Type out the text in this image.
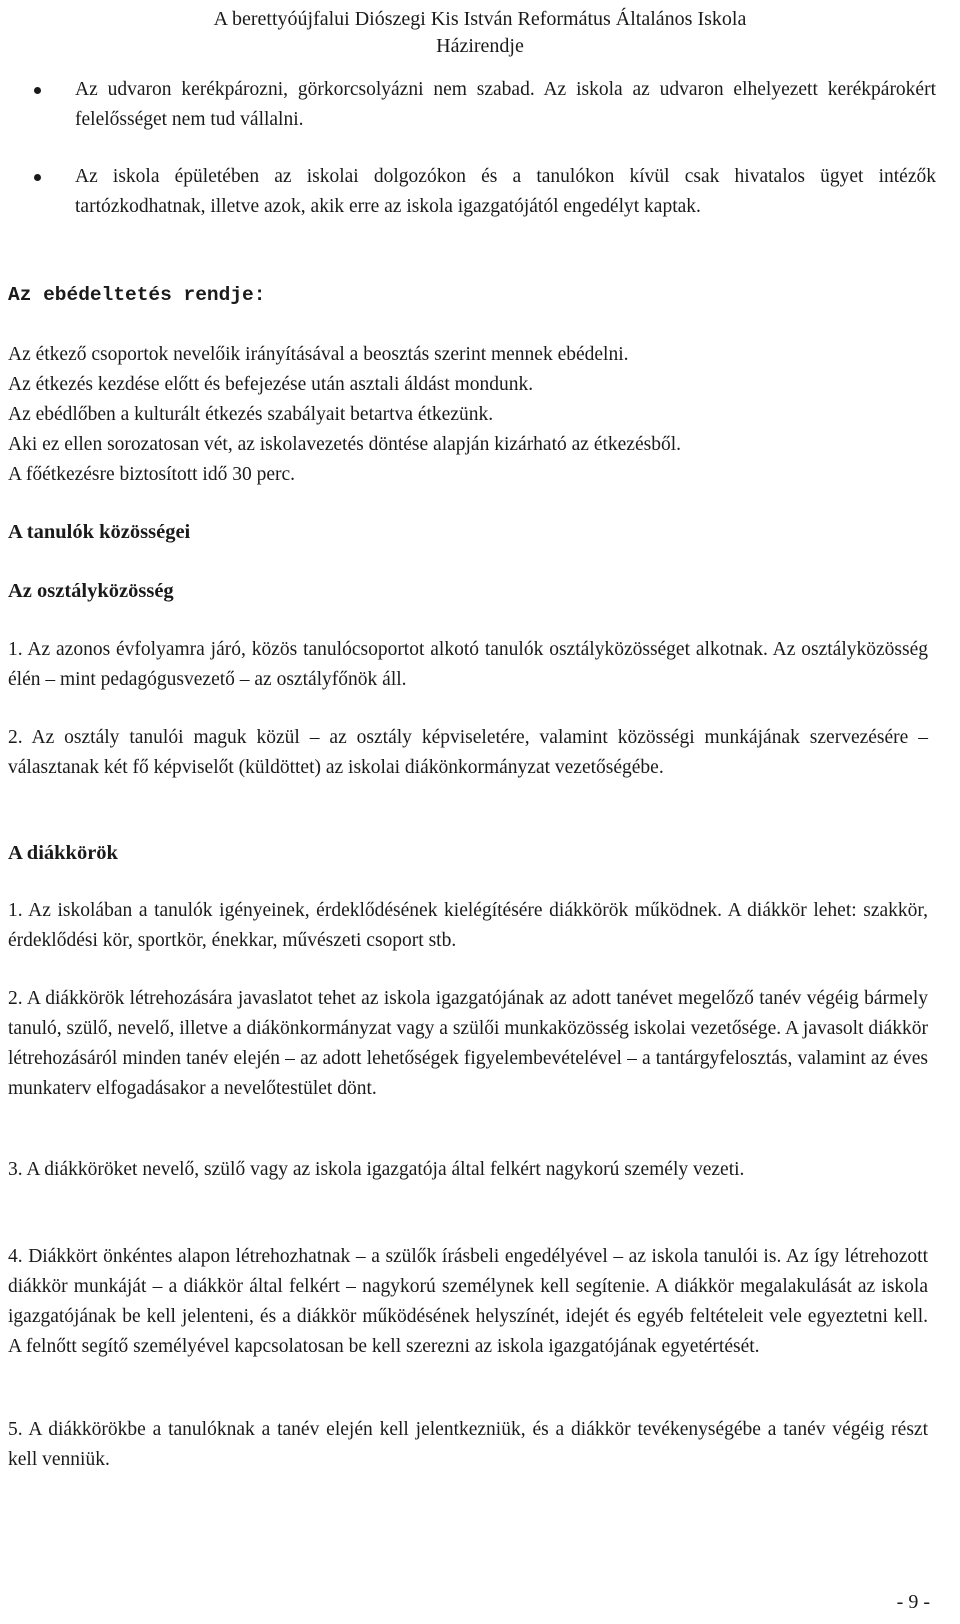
A berettyóújfalui Diószegi Kis István Református Általános Iskola
Házirendje
Az udvaron kerékpározni, görkorcsolyázni nem szabad. Az iskola az udvaron elhelyezett kerékpárokért felelősséget nem tud vállalni.
Az iskola épületében az iskolai dolgozókon és a tanulókon kívül csak hivatalos ügyet intézők tartózkodhatnak, illetve azok, akik erre az iskola igazgatójától engedélyt kaptak.
Az ebédeltetés rendje:
Az étkező csoportok nevelőik irányításával a beosztás szerint mennek ebédelni.
Az étkezés kezdése előtt és befejezése után asztali áldást mondunk.
Az ebédlőben a kulturált étkezés szabályait betartva étkezünk.
Aki ez ellen sorozatosan vét, az iskolavezetés döntése alapján kizárható az étkezésből.
A főétkezésre biztosított idő 30 perc.
A tanulók közösségei
Az osztályközösség
1. Az azonos évfolyamra járó, közös tanulócsoportot alkotó tanulók osztályközösséget alkotnak. Az osztályközösség élén – mint pedagógusvezető – az osztályfőnök áll.
2. Az osztály tanulói maguk közül – az osztály képviseletére, valamint közösségi munkájának szervezésére –választanak két fő képviselőt (küldöttet) az iskolai diákönkormányzat vezetőségébe.
A diákkörök
1. Az iskolában a tanulók igényeinek, érdeklődésének kielégítésére diákkörök működnek. A diákkör lehet: szakkör, érdeklődési kör, sportkör, énekkar, művészeti csoport stb.
2. A diákkörök létrehozására javaslatot tehet az iskola igazgatójának az adott tanévet megelőző tanév végéig bármely tanuló, szülő, nevelő, illetve a diákönkormányzat vagy a szülői munkaközösség iskolai vezetősége. A javasolt diákkör létrehozásáról minden tanév elején – az adott lehetőségek figyelembevételével – a tantárgyfelosztás, valamint az éves munkaterv elfogadásakor a nevelőtestület dönt.
3. A diákköröket nevelő, szülő vagy az iskola igazgatója által felkért nagykorú személy vezeti.
4. Diákkört önkéntes alapon létrehozhatnak – a szülők írásbeli engedélyével – az iskola tanulói is. Az így létrehozott diákkör munkáját – a diákkör által felkért – nagykorú személynek kell segítenie. A diákkör megalakulását az iskola igazgatójának be kell jelenteni, és a diákkör működésének helyszínét, idejét és egyéb feltételeit vele egyeztetni kell. A felnőtt segítő személyével kapcsolatosan be kell szerezni az iskola igazgatójának egyetértését.
5. A diákkörökbe a tanulóknak a tanév elején kell jelentkezniük, és a diákkör tevékenységébe a tanév végéig részt kell venniük.
- 9 -
